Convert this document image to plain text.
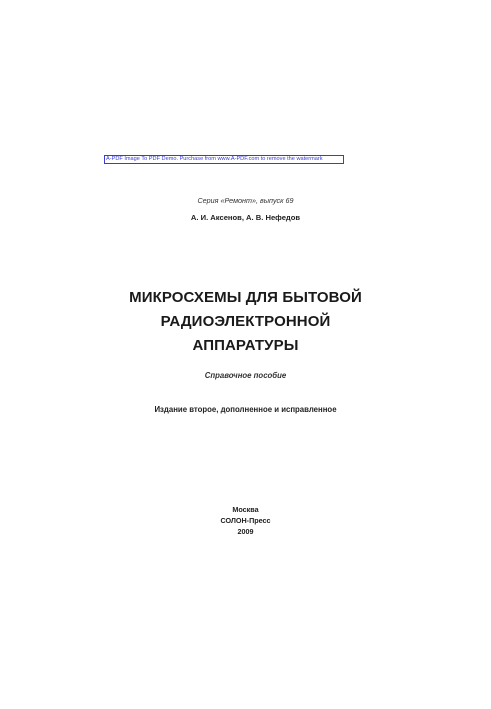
A-PDF Image To PDF Demo. Purchase from www.A-PDF.com to remove the watermark
Серия «Ремонт», выпуск 69
А. И. Аксенов, А. В. Нефедов
МИКРОСХЕМЫ ДЛЯ БЫТОВОЙ
РАДИОЭЛЕКТРОННОЙ
АППАРАТУРЫ
Справочное пособие
Издание второе, дополненное и исправленное
Москва
СОЛОН-Пресс
2009
